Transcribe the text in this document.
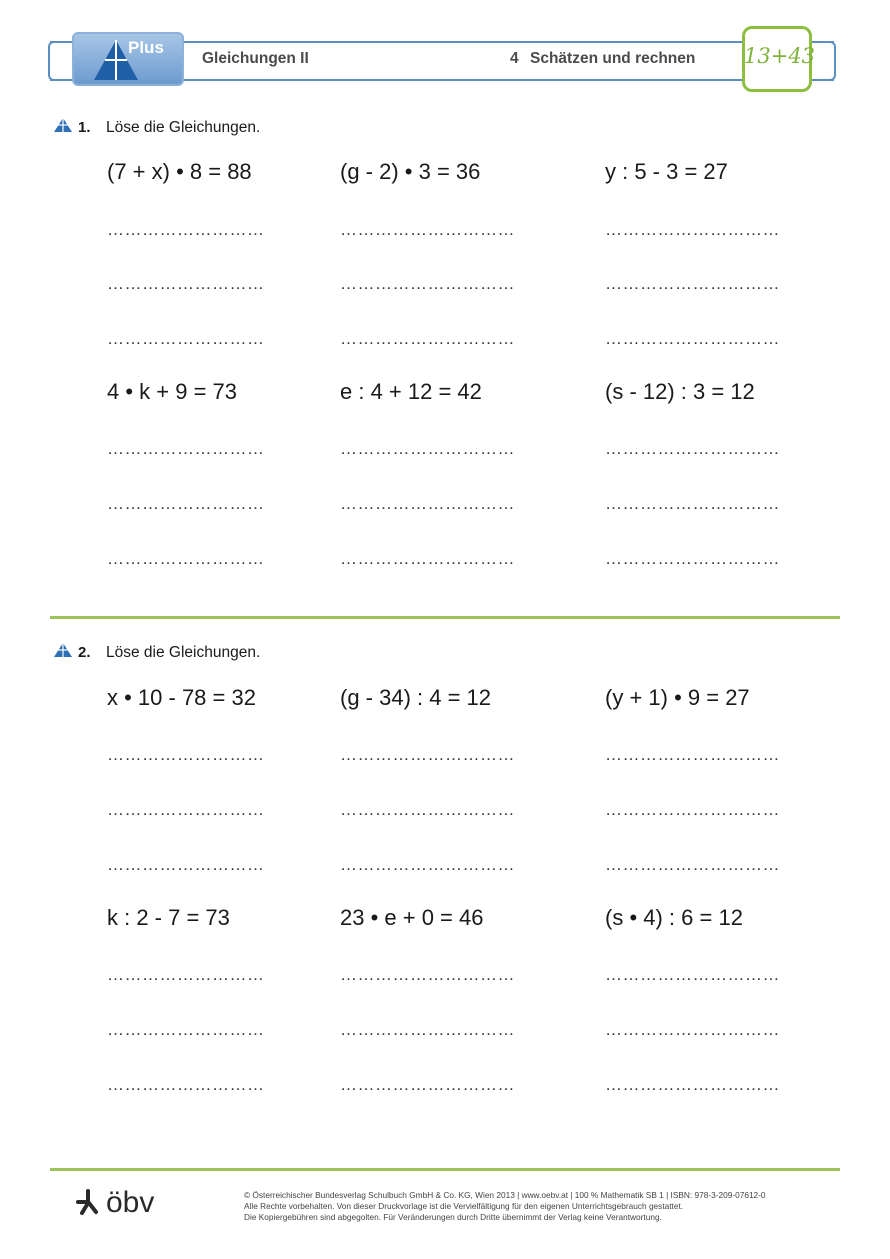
Plus
Gleichungen II	4 Schätzen und rechnen 13+43
1. Löse die Gleichungen.
(7 + x) • 8 = 88	(g - 2) • 3 = 36	y : 5 - 3 = 27
………………………	…………………………	…………………………
………………………	…………………………	…………………………
………………………	…………………………	…………………………
4 • k + 9 = 73	e : 4 + 12 = 42	(s - 12) : 3 = 12
………………………	…………………………	…………………………
………………………	…………………………	…………………………
………………………	…………………………	…………………………
2. Löse die Gleichungen.
x • 10 - 78 = 32	(g - 34) : 4 = 12	(y + 1) • 9 = 27
………………………	…………………………	…………………………
………………………	…………………………	…………………………
………………………	…………………………	…………………………
k : 2 - 7 = 73	23 • e + 0 = 46	(s • 4) : 6 = 12
………………………	…………………………	…………………………
………………………	…………………………	…………………………
………………………	…………………………	…………………………
öbv	© Österreichischer Bundesverlag Schulbuch GmbH & Co. KG, Wien 2013 | www.oebv.at | 100 % Mathematik SB 1 | ISBN: 978-3-209-07612-0
Alle Rechte vorbehalten. Von dieser Druckvorlage ist die Vervielfältigung für den eigenen Unterrichtsgebrauch gestattet.
Die Kopiergebühren sind abgegolten. Für Veränderungen durch Dritte übernimmt der Verlag keine Verantwortung.
